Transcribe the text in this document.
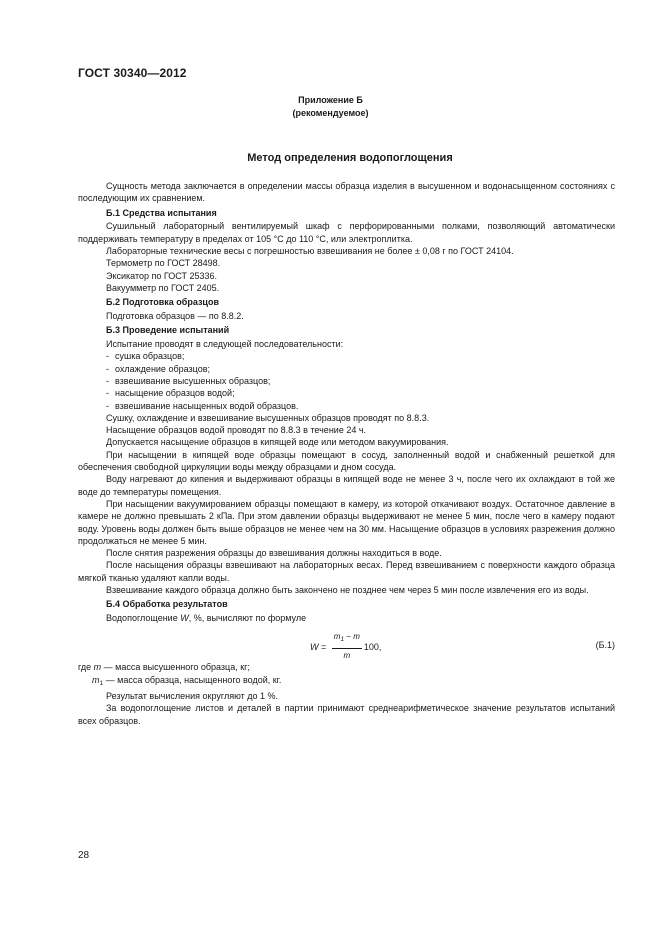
ГОСТ 30340—2012
Приложение Б
(рекомендуемое)
Метод определения водопоглощения

Сущность метода заключается в определении массы образца изделия в высушенном и водонасыщенном состояниях с последующим их сравнением.

Б.1 Средства испытания

Сушильный лабораторный вентилируемый шкаф с перфорированными полками, позволяющий автоматически поддерживать температуру в пределах от 105 °С до 110 °С, или электроплитка.

Лабораторные технические весы с погрешностью взвешивания не более ± 0,08 г по ГОСТ 24104.

Термометр по ГОСТ 28498.

Эксикатор по ГОСТ 25336.

Вакуумметр по ГОСТ 2405.

Б.2 Подготовка образцов

Подготовка образцов — по 8.8.2.

Б.3 Проведение испытаний

Испытание проводят в следующей последовательности:

- сушка образцов;

- охлаждение образцов;

- взвешивание высушенных образцов;

- насыщение образцов водой;

- взвешивание насыщенных водой образцов.

Сушку, охлаждение и взвешивание высушенных образцов проводят по 8.8.3.

Насыщение образцов водой проводят по 8.8.3 в течение 24 ч.

Допускается насыщение образцов в кипящей воде или методом вакуумирования.

При насыщении в кипящей воде образцы помещают в сосуд, заполненный водой и снабженный решеткой для обеспечения свободной циркуляции воды между образцами и дном сосуда.

Воду нагревают до кипения и выдерживают образцы в кипящей воде не менее 3 ч, после чего их охлаждают в той же воде до температуры помещения.

При насыщении вакуумированием образцы помещают в камеру, из которой откачивают воздух. Остаточное давление в камере не должно превышать 2 кПа. При этом давлении образцы выдерживают не менее 5 мин, после чего в камеру подают воду. Уровень воды должен быть выше образцов не менее чем на 30 мм. Насыщение образцов в условиях разрежения должно продолжаться не менее 5 мин.

После снятия разрежения образцы до взвешивания должны находиться в воде.

После насыщения образцы взвешивают на лабораторных весах. Перед взвешиванием с поверхности каждого образца мягкой тканью удаляют капли воды.

Взвешивание каждого образца должно быть закончено не позднее чем через 5 мин после извлечения его из воды.

Б.4 Обработка результатов

Водопоглощение W, %, вычисляют по формуле

$W = \frac{m_1 - m}{m} 100$,	(Б.1)

где m — масса высушенного образца, кг;

$m_1$ — масса образца, насыщенного водой, кг.

Результат вычисления округляют до 1 %.

За водопоглощение листов и деталей в партии принимают среднеарифметическое значение результатов испытаний всех образцов.

28
